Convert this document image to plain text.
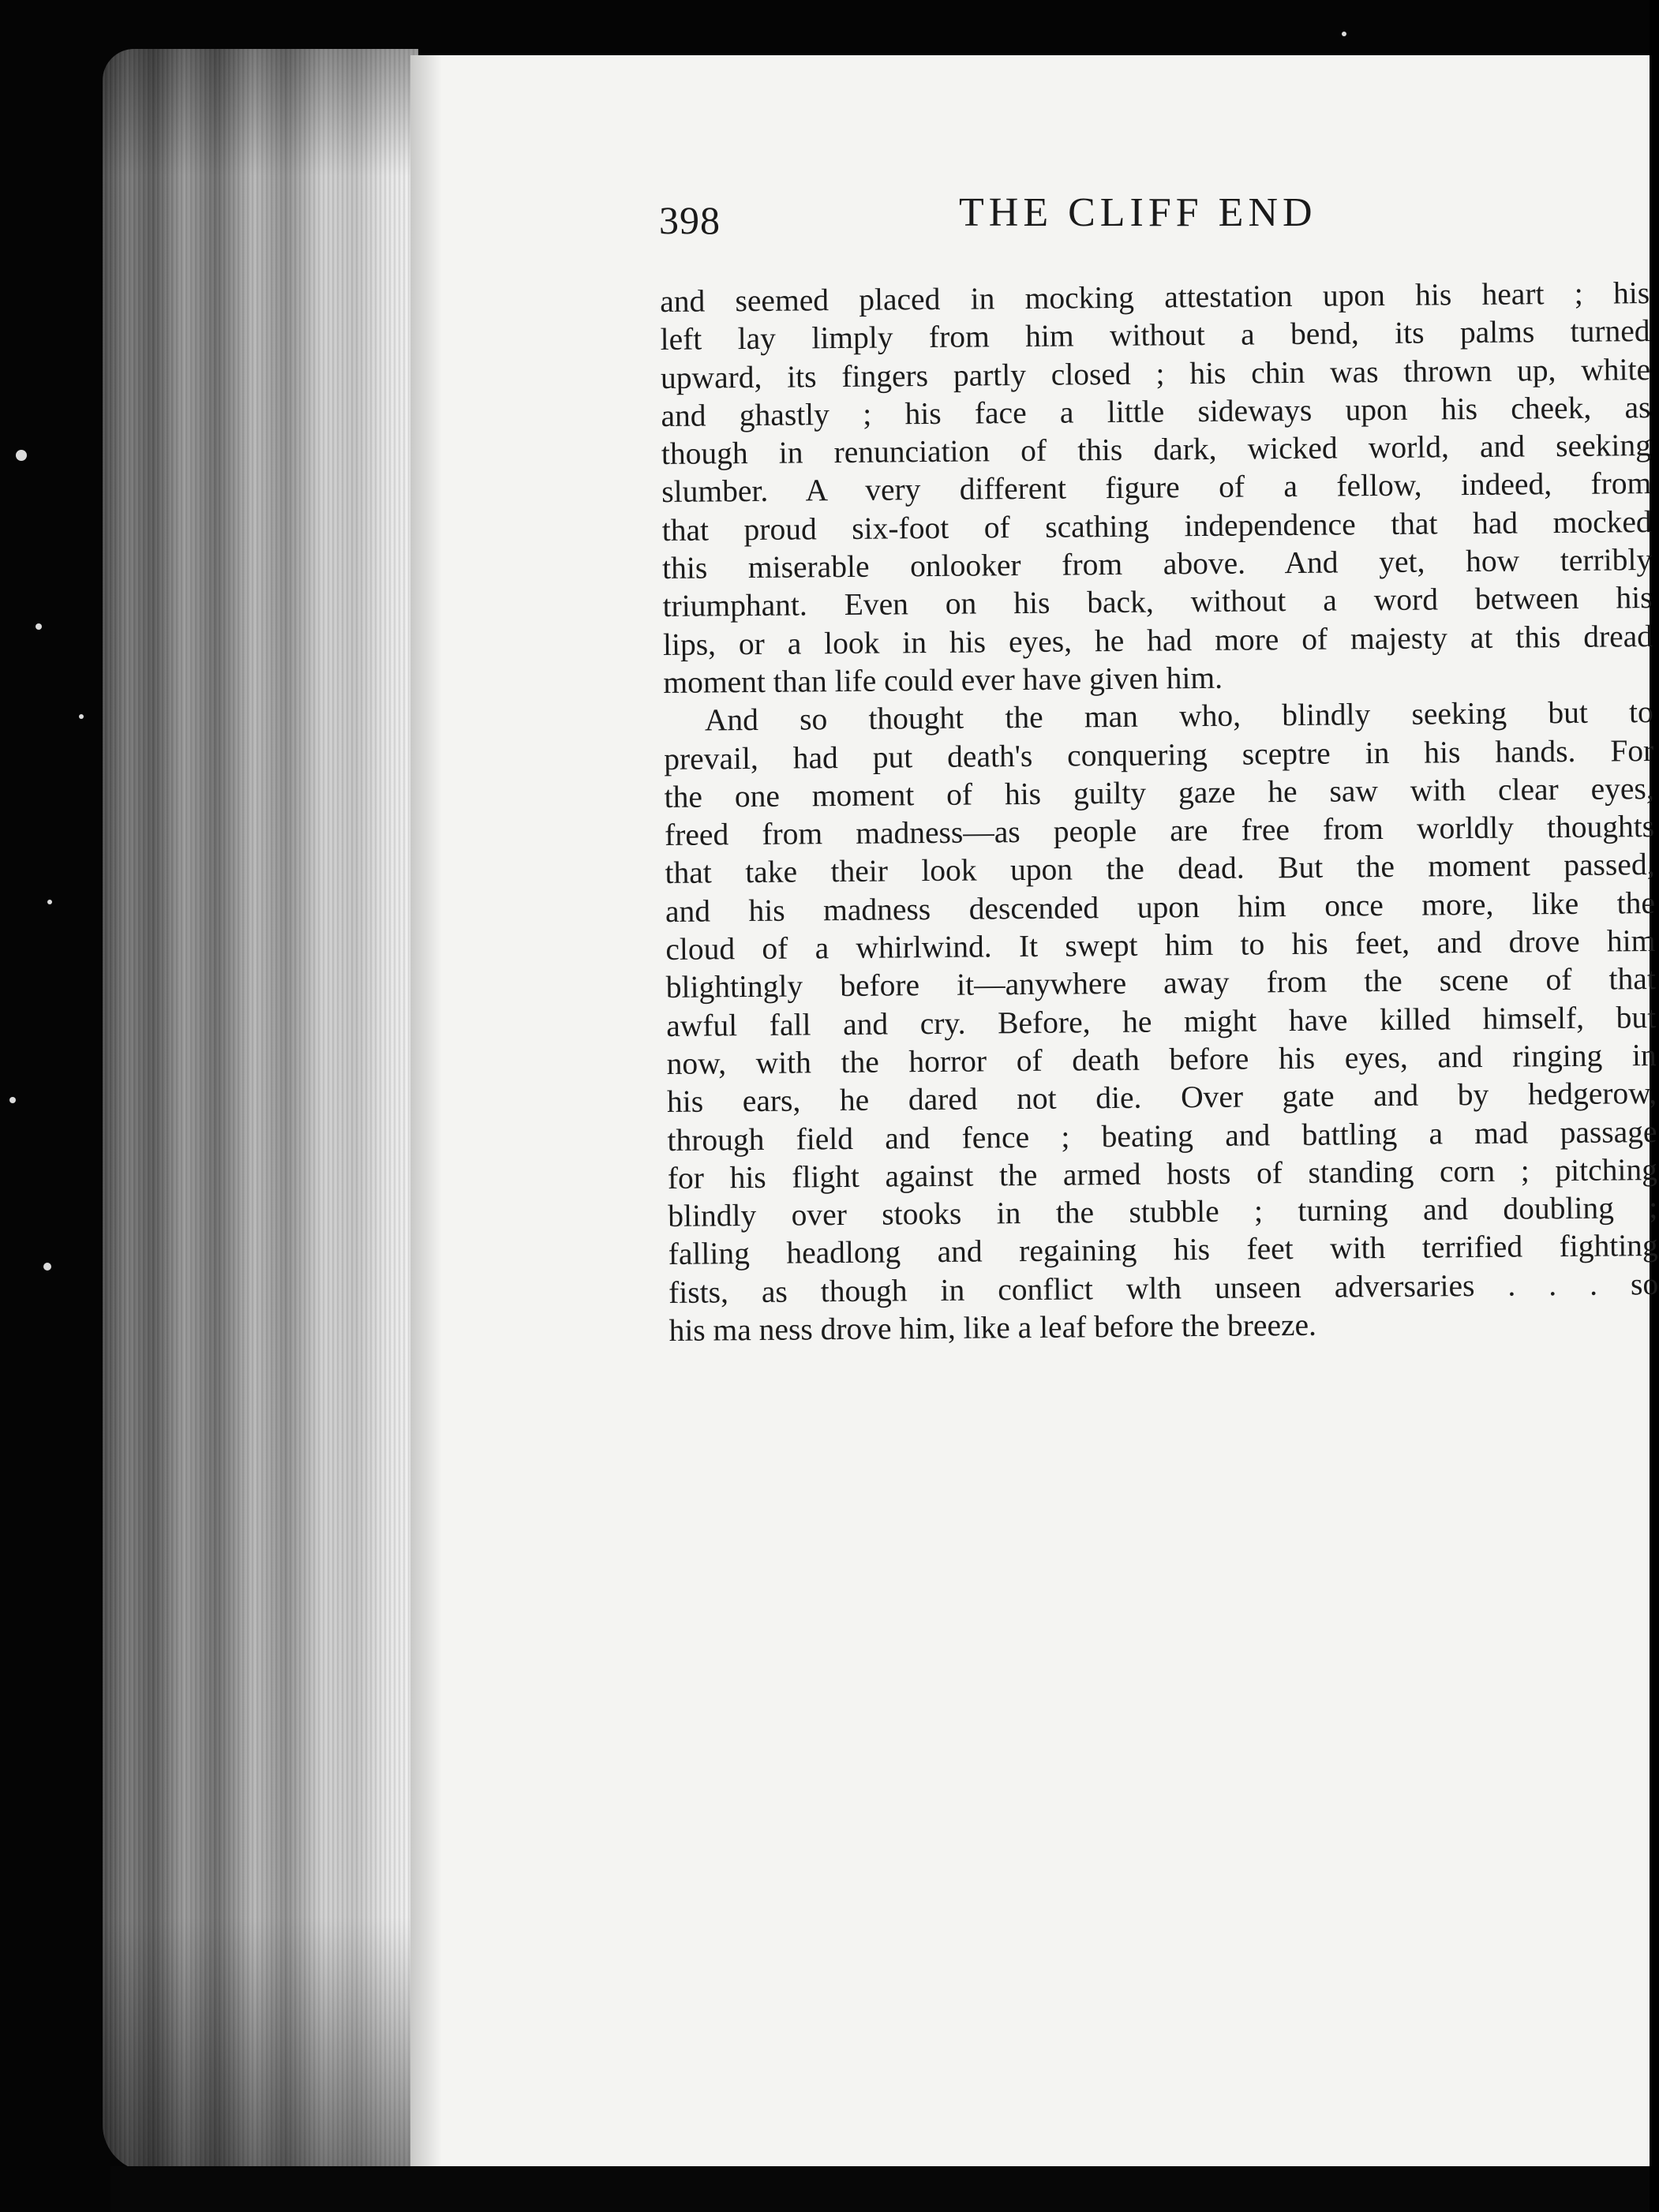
398	THE CLIFF END
and seemed placed in mocking attestation upon his heart ; his
left lay limply from him without a bend, its palms turned
upward, its fingers partly closed ; his chin was thrown up, white
and ghastly ; his face a little sideways upon his cheek, as
though in renunciation of this dark, wicked world, and seeking
slumber. A very different figure of a fellow, indeed, from
that proud six-foot of scathing independence that had mocked
this miserable onlooker from above. And yet, how terribly
triumphant. Even on his back, without a word between his
lips, or a look in his eyes, he had more of majesty at this dread
moment than life could ever have given him.
And so thought the man who, blindly seeking but to
prevail, had put death's conquering sceptre in his hands. For
the one moment of his guilty gaze he saw with clear eyes,
freed from madness—as people are free from worldly thoughts
that take their look upon the dead. But the moment passed,
and his madness descended upon him once more, like the
cloud of a whirlwind. It swept him to his feet, and drove him
blightingly before it—anywhere away from the scene of that
awful fall and cry. Before, he might have killed himself, but
now, with the horror of death before his eyes, and ringing in
his ears, he dared not die. Over gate and by hedgerow,
through field and fence ; beating and battling a mad passage
for his flight against the armed hosts of standing corn ; pitching
blindly over stooks in the stubble ; turning and doubling ;
falling headlong and regaining his feet with terrified fighting
fists, as though in conflict wlth unseen adversaries . . . so
his ma ness drove him, like a leaf before the breeze.
